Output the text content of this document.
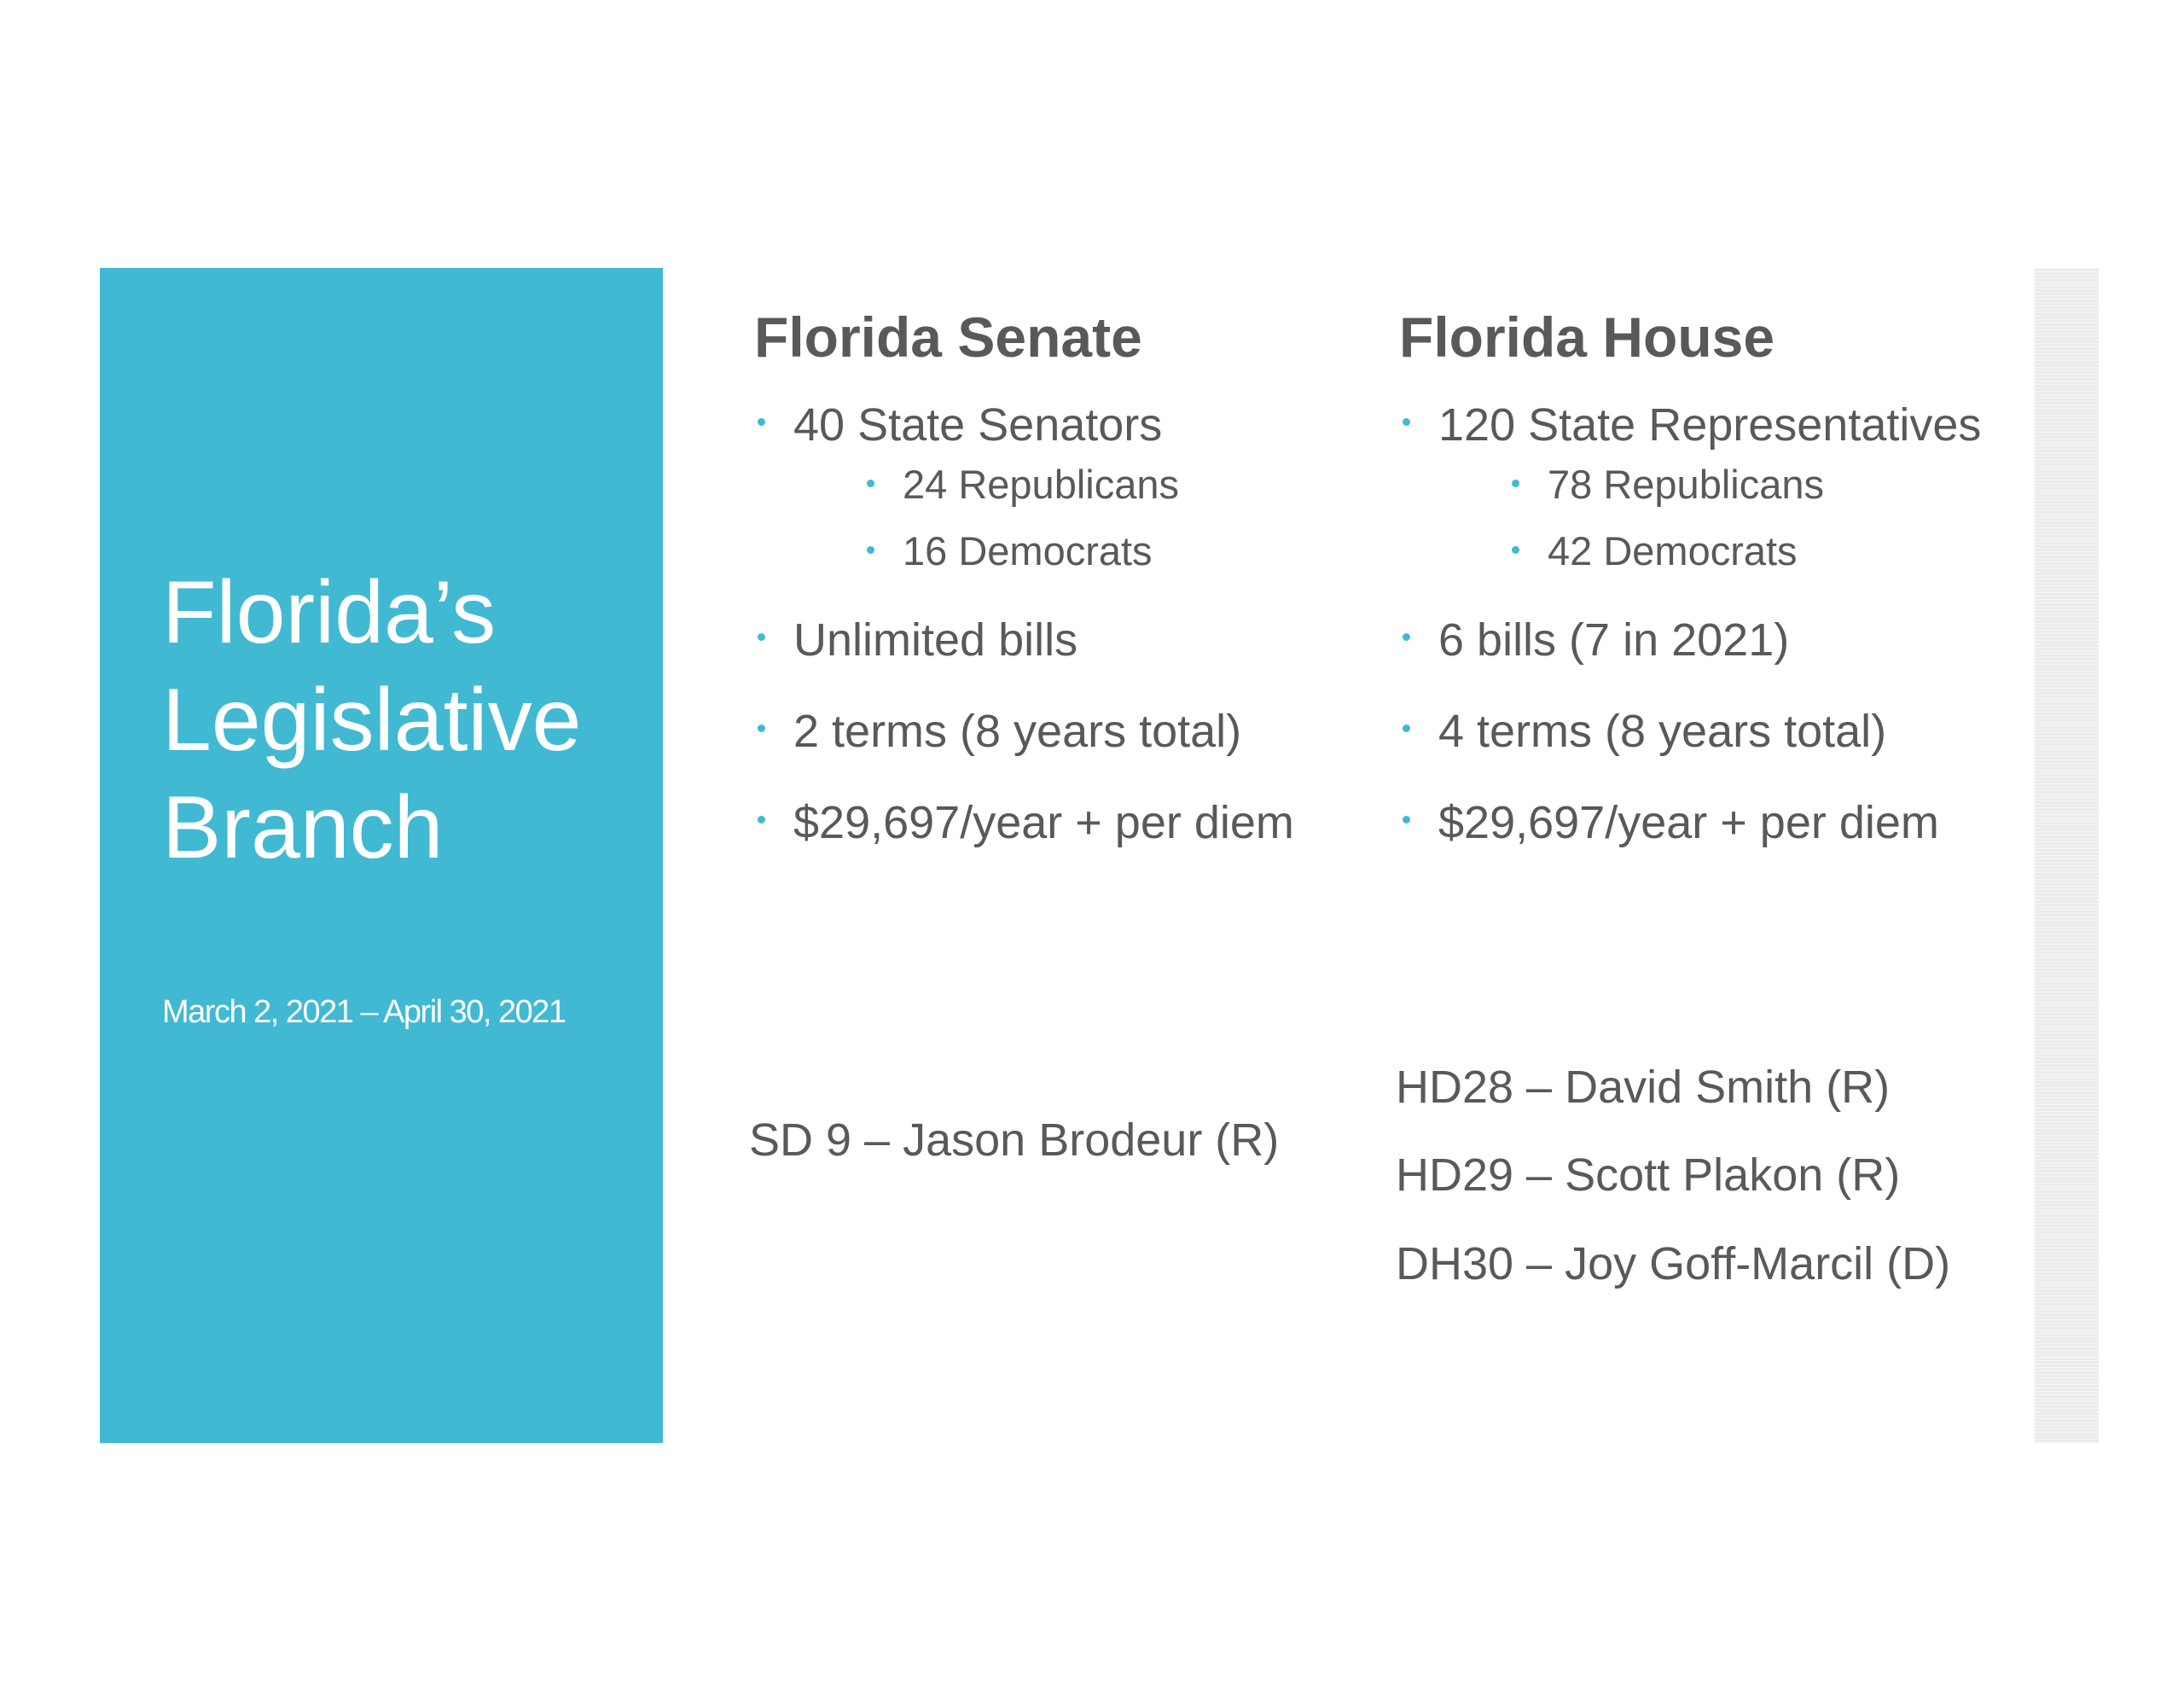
Florida’s
Legislative
Branch
March 2, 2021 – April 30, 2021
Florida Senate
40 State Senators
24 Republicans
16 Democrats
Unlimited bills
2 terms (8 years total)
$29,697/year + per diem
Florida House
120 State Representatives
78 Republicans
42 Democrats
6 bills (7 in 2021)
4 terms (8 years total)
$29,697/year + per diem
SD 9 – Jason Brodeur (R)
HD28 – David Smith (R)
HD29 – Scott Plakon (R)
DH30 – Joy Goff-Marcil (D)
